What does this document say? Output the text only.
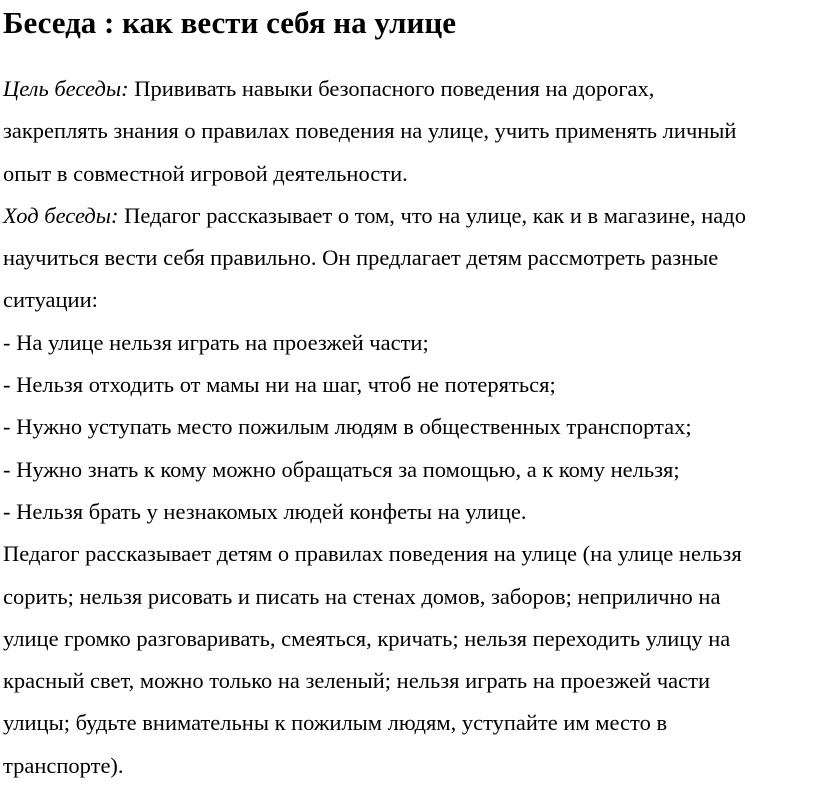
Беседа : как вести себя на улице
Цель беседы: Прививать навыки безопасного поведения на дорогах,
закреплять знания о правилах поведения на улице, учить применять личный
опыт в совместной игровой деятельности.
Ход беседы: Педагог рассказывает о том, что на улице, как и в магазине, надо
научиться вести себя правильно. Он предлагает детям рассмотреть разные
ситуации:
- На улице нельзя играть на проезжей части;
- Нельзя отходить от мамы ни на шаг, чтоб не потеряться;
- Нужно уступать место пожилым людям в общественных транспортах;
- Нужно знать к кому можно обращаться за помощью, а к кому нельзя;
- Нельзя брать у незнакомых людей конфеты на улице.
Педагог рассказывает детям о правилах поведения на улице (на улице нельзя
сорить; нельзя рисовать и писать на стенах домов, заборов; неприлично на
улице громко разговаривать, смеяться, кричать; нельзя переходить улицу на
красный свет, можно только на зеленый; нельзя играть на проезжей части
улицы; будьте внимательны к пожилым людям, уступайте им место в
транспорте).
